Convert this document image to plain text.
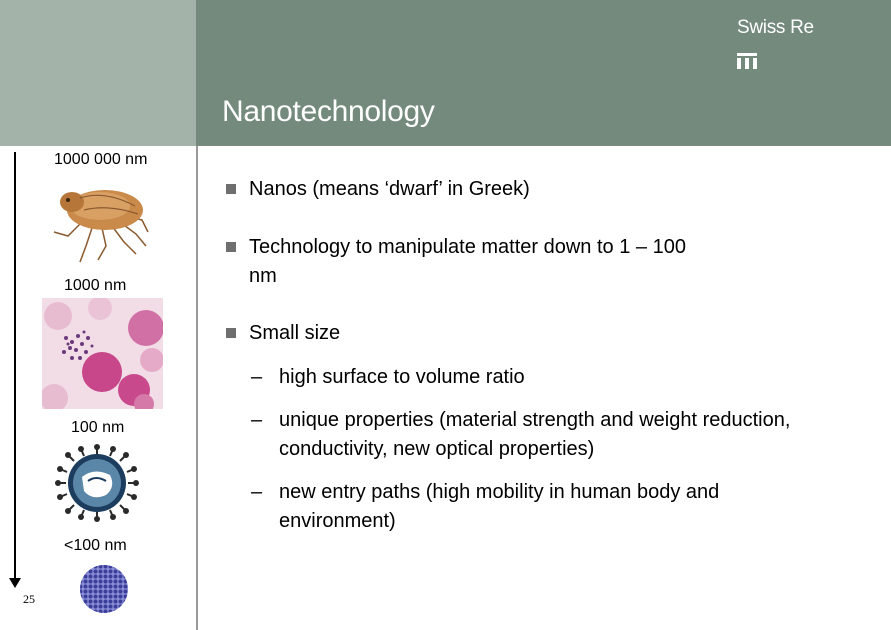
Swiss Re
Nanotechnology
1000 000 nm
1000 nm
100 nm
<100 nm
25
Nanos (means ‘dwarf’ in Greek)
Technology to manipulate matter down to 1 – 100 nm
Small size
– high surface to volume ratio
– unique properties (material strength and weight reduction, conductivity, new optical properties)
– new entry paths (high mobility in human body and environment)
